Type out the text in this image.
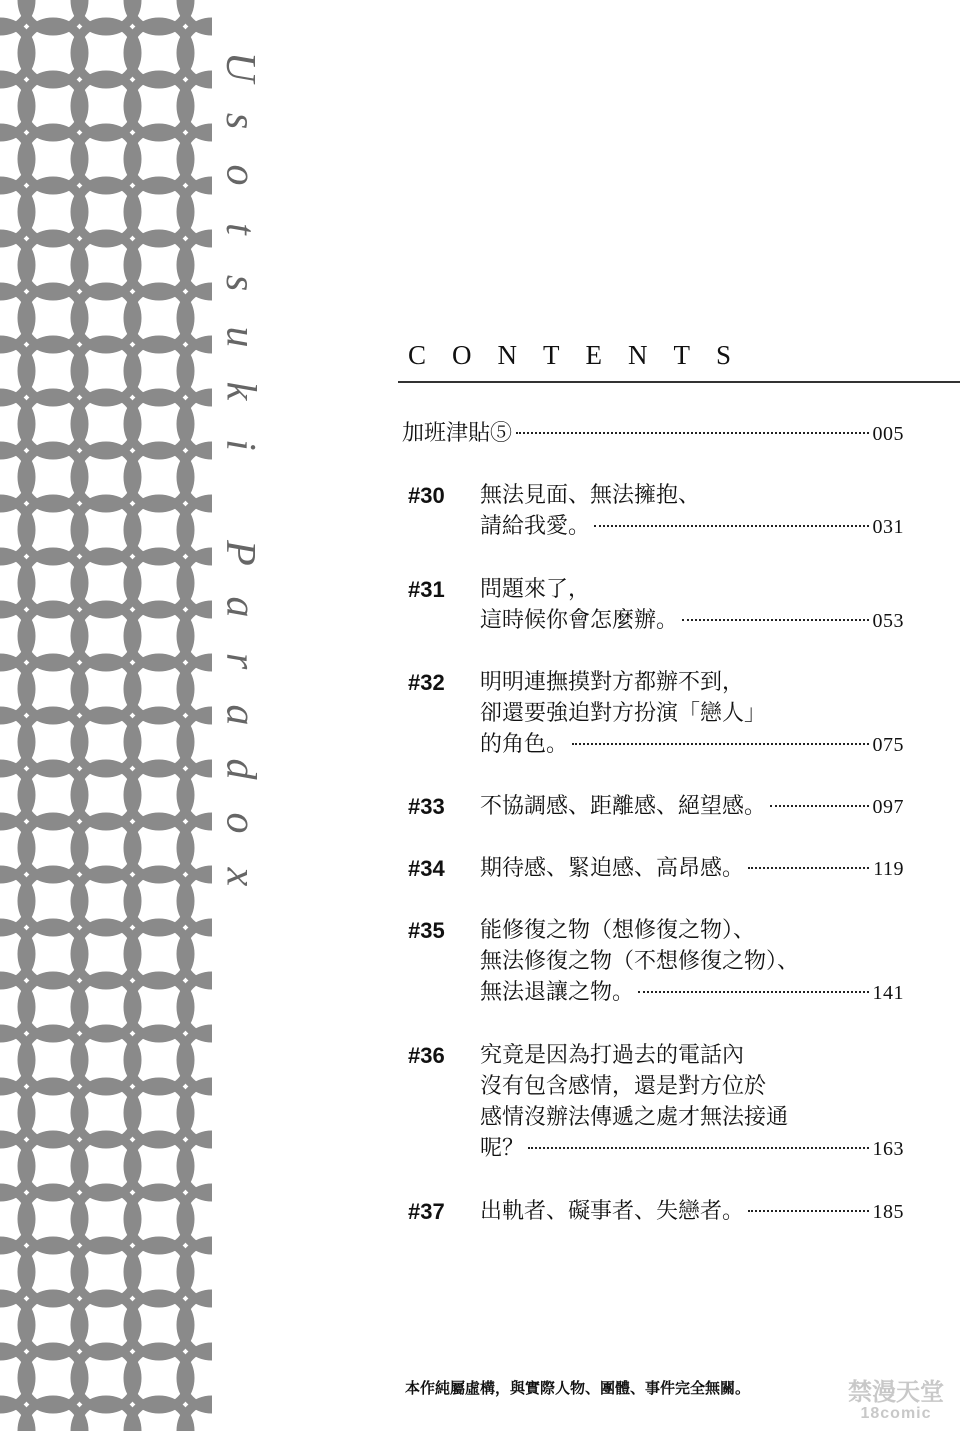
U
s
o
t
s
u
k
i

P
a
r
a
d
o
x
CONTENTS
加班津貼⑤	005
#30 無法見面、無法擁抱、
請給我愛。	031
#31 問題來了，
這時候你會怎麼辦。	053
#32 明明連撫摸對方都辦不到，
卻還要強迫對方扮演「戀人」
的角色。	075
#33 不協調感、距離感、絕望感。	097
#34 期待感、緊迫感、高昂感。	119
#35 能修復之物（想修復之物）、
無法修復之物（不想修復之物）、
無法退讓之物。	141
#36 究竟是因為打過去的電話內
沒有包含感情，還是對方位於
感情沒辦法傳遞之處才無法接通
呢？	163
#37 出軌者、礙事者、失戀者。	185
本作純屬虛構，與實際人物、團體、事件完全無關。	禁漫天堂
18comic
